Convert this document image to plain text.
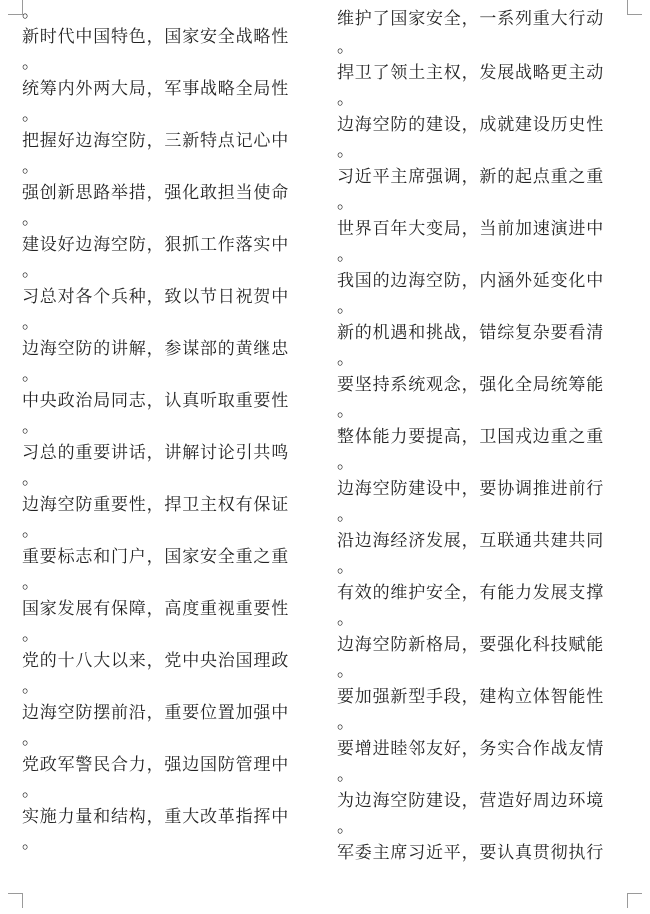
。
新时代中国特色，国家安全战略性
。
统筹内外两大局，军事战略全局性
。
把握好边海空防，三新特点记心中
。
强创新思路举措，强化敢担当使命
。
建设好边海空防，狠抓工作落实中
。
习总对各个兵种，致以节日祝贺中
。
边海空防的讲解，参谋部的黄继忠
。
中央政治局同志，认真听取重要性
。
习总的重要讲话，讲解讨论引共鸣
。
边海空防重要性，捍卫主权有保证
。
重要标志和门户，国家安全重之重
。
国家发展有保障，高度重视重要性
。
党的十八大以来，党中央治国理政
。
边海空防摆前沿，重要位置加强中
。
党政军警民合力，强边国防管理中
。
实施力量和结构，重大改革指挥中
。
维护了国家安全，一系列重大行动
。
捍卫了领土主权，发展战略更主动
。
边海空防的建设，成就建设历史性
。
习近平主席强调，新的起点重之重
。
世界百年大变局，当前加速演进中
。
我国的边海空防，内涵外延变化中
。
新的机遇和挑战，错综复杂要看清
。
要坚持系统观念，强化全局统筹能
。
整体能力要提高，卫国戎边重之重
。
边海空防建设中，要协调推进前行
。
沿边海经济发展，互联通共建共同
。
有效的维护安全，有能力发展支撑
。
边海空防新格局，要强化科技赋能
。
要加强新型手段，建构立体智能性
。
要增进睦邻友好，务实合作战友情
。
为边海空防建设，营造好周边环境
。
军委主席习近平，要认真贯彻执行
